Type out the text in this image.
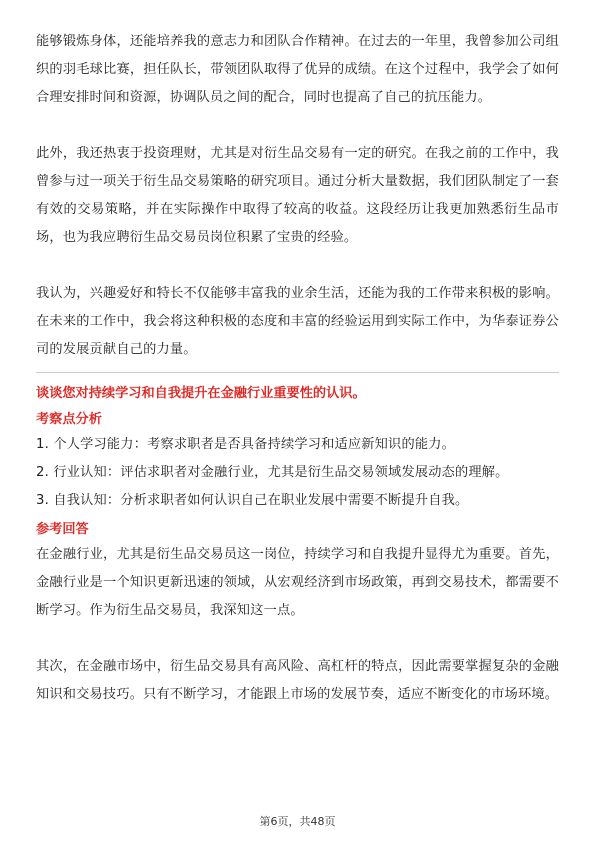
能够锻炼身体，还能培养我的意志力和团队合作精神。在过去的一年里，我曾参加公司组织的羽毛球比赛，担任队长，带领团队取得了优异的成绩。在这个过程中，我学会了如何合理安排时间和资源，协调队员之间的配合，同时也提高了自己的抗压能力。

此外，我还热衷于投资理财，尤其是对衍生品交易有一定的研究。在我之前的工作中，我曾参与过一项关于衍生品交易策略的研究项目。通过分析大量数据，我们团队制定了一套有效的交易策略，并在实际操作中取得了较高的收益。这段经历让我更加熟悉衍生品市场，也为我应聘衍生品交易员岗位积累了宝贵的经验。

我认为，兴趣爱好和特长不仅能够丰富我的业余生活，还能为我的工作带来积极的影响。在未来的工作中，我会将这种积极的态度和丰富的经验运用到实际工作中，为华泰证券公司的发展贡献自己的力量。

谈谈您对持续学习和自我提升在金融行业重要性的认识。

考察点分析

1. 个人学习能力：考察求职者是否具备持续学习和适应新知识的能力。

2. 行业认知：评估求职者对金融行业，尤其是衍生品交易领域发展动态的理解。

3. 自我认知：分析求职者如何认识自己在职业发展中需要不断提升自我。

参考回答

在金融行业，尤其是衍生品交易员这一岗位，持续学习和自我提升显得尤为重要。首先，金融行业是一个知识更新迅速的领域，从宏观经济到市场政策，再到交易技术，都需要不断学习。作为衍生品交易员，我深知这一点。

其次，在金融市场中，衍生品交易具有高风险、高杠杆的特点，因此需要掌握复杂的金融知识和交易技巧。只有不断学习，才能跟上市场的发展节奏，适应不断变化的市场环境。

第6页，共48页
